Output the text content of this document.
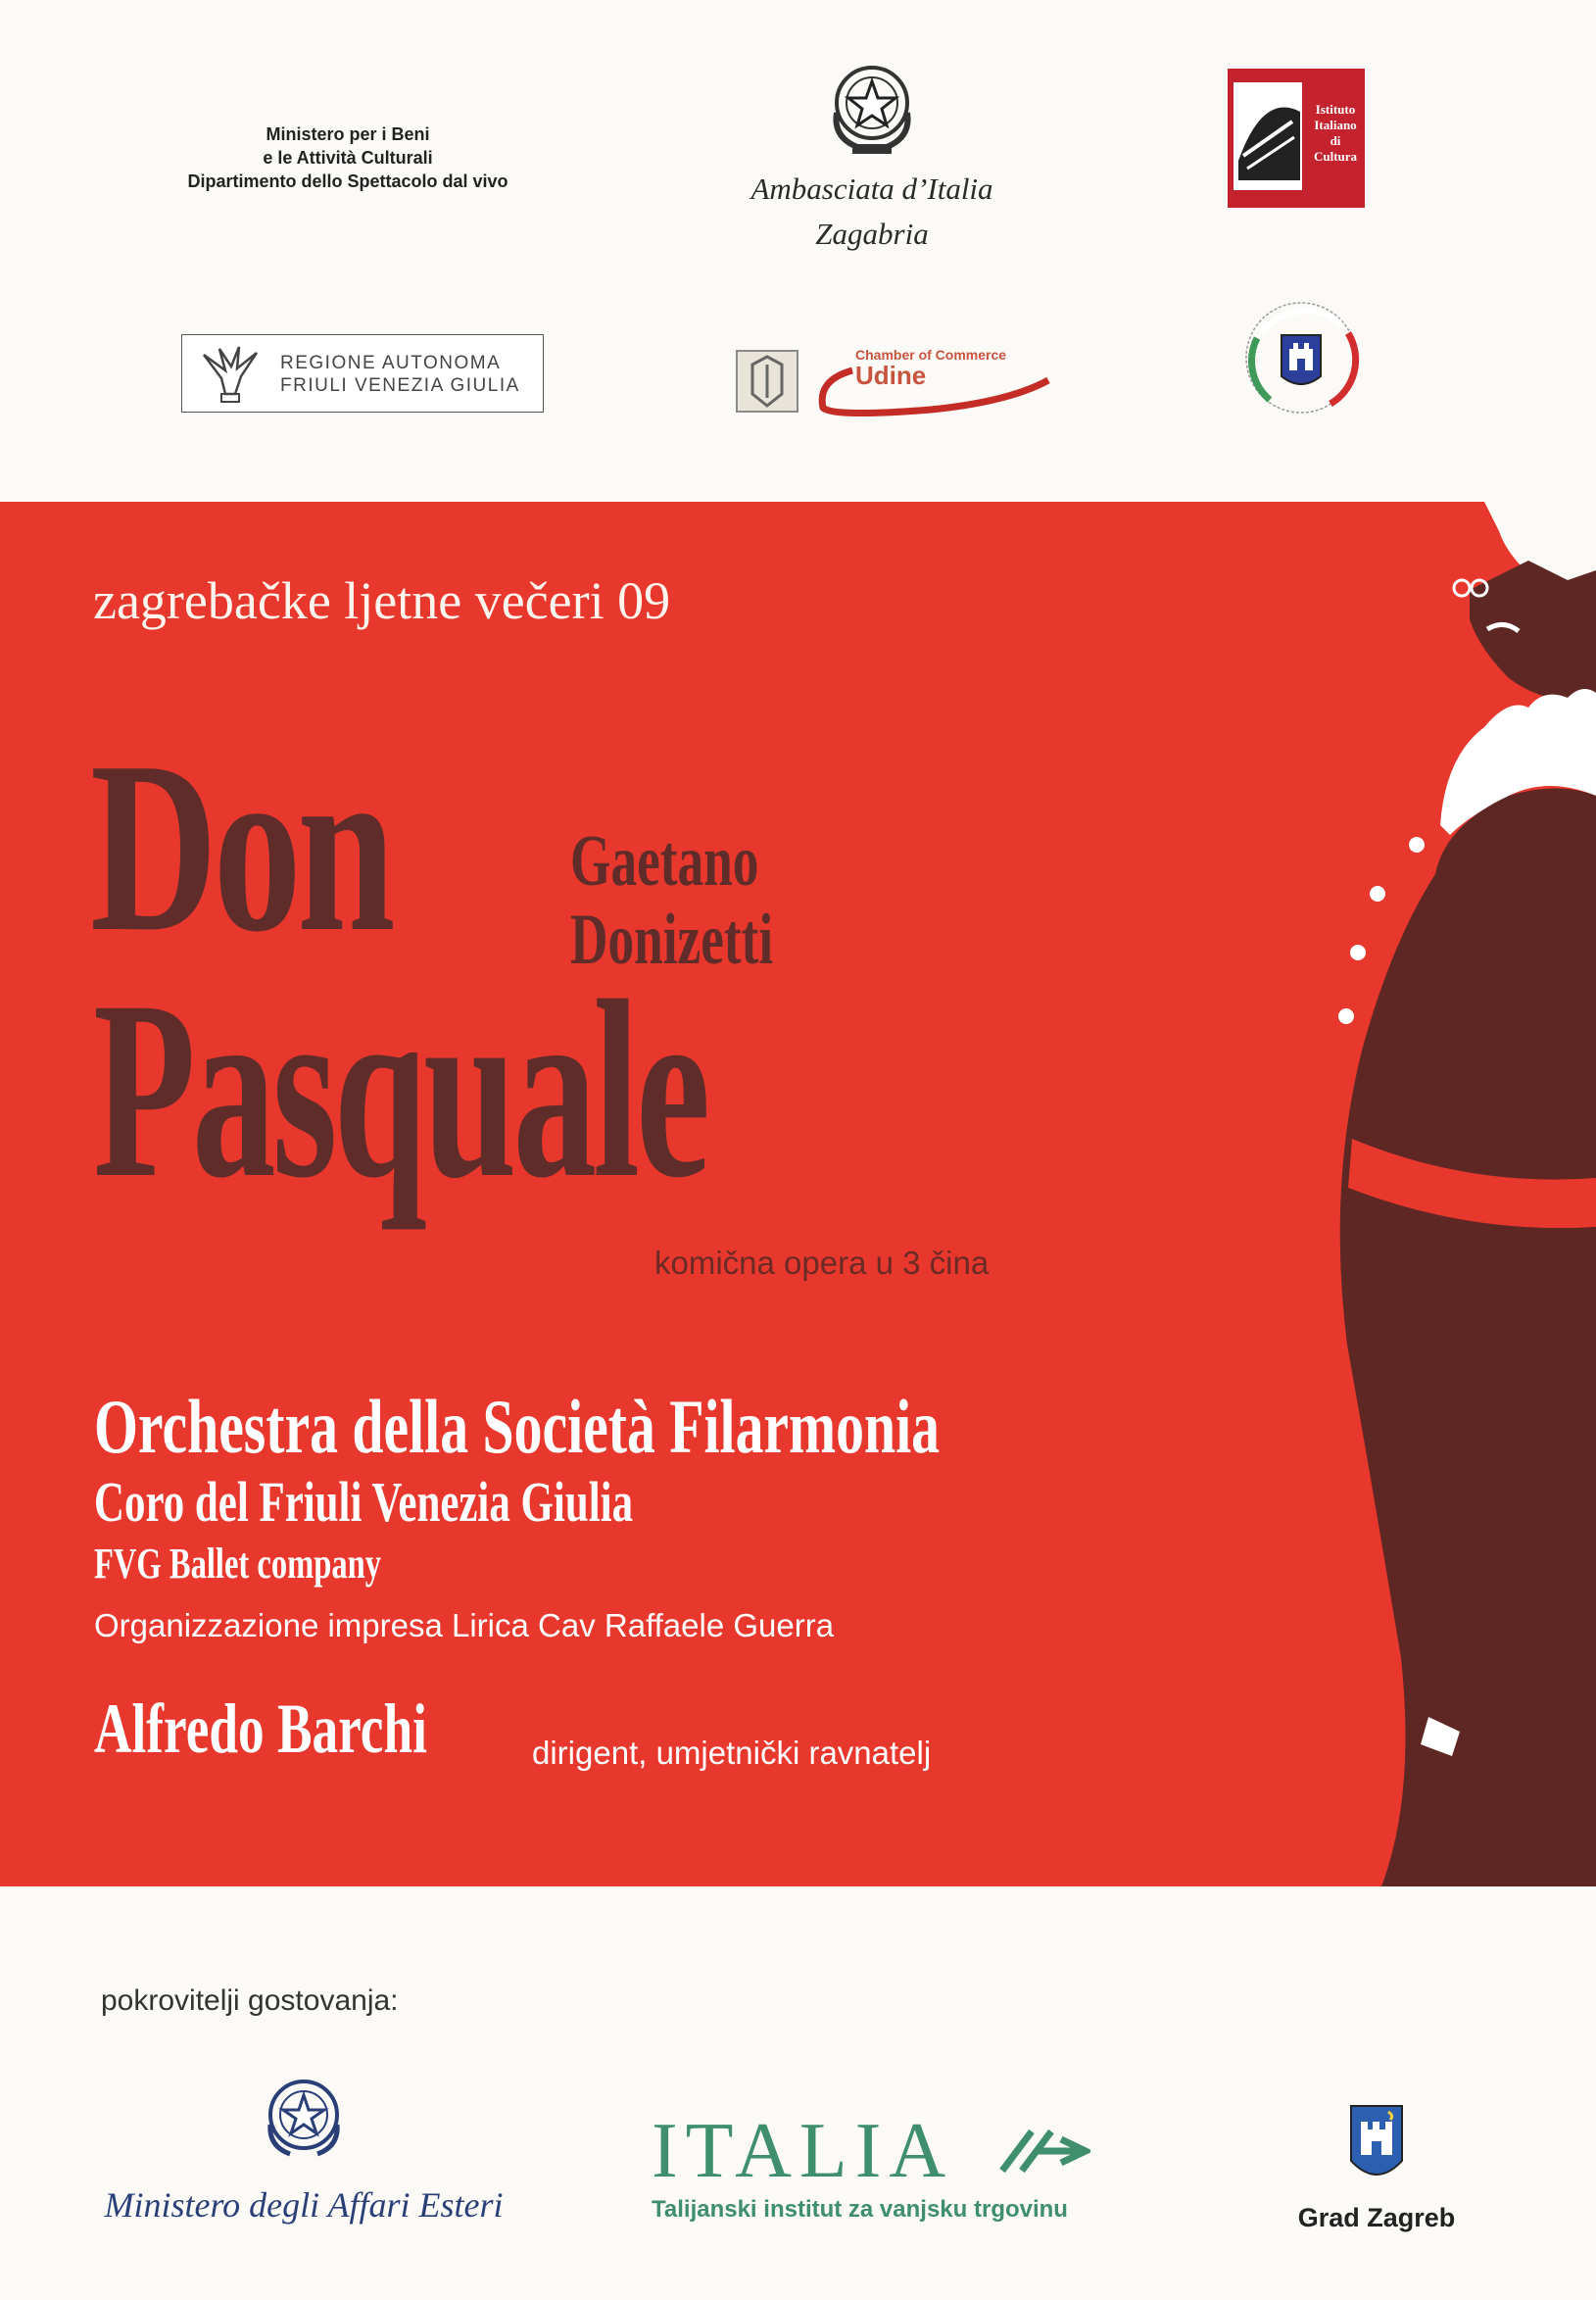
Ministero per i Beni
e le Attività Culturali
Dipartimento dello Spettacolo dal vivo	Ambasciata d’Italia
Zagabria
Istituto
Italiano
di
Cultura
REGIONE AUTONOMA
FRIULI VENEZIA GIULIA
Chamber of Commerce
Udine
zagrebačke ljetne večeri 09
Don Gaetano
Donizetti
Pasquale
komična opera u 3 čina
Orchestra della Società Filarmonia
Coro del Friuli Venezia Giulia
FVG Ballet company
Organizzazione impresa Lirica Cav Raffaele Guerra
Alfredo Barchi	dirigent, umjetnički ravnatelj
pokrovitelji gostovanja:
Ministero degli Affari Esteri
ITALIA
Talijanski institut za vanjsku trgovinu	Grad Zagreb
